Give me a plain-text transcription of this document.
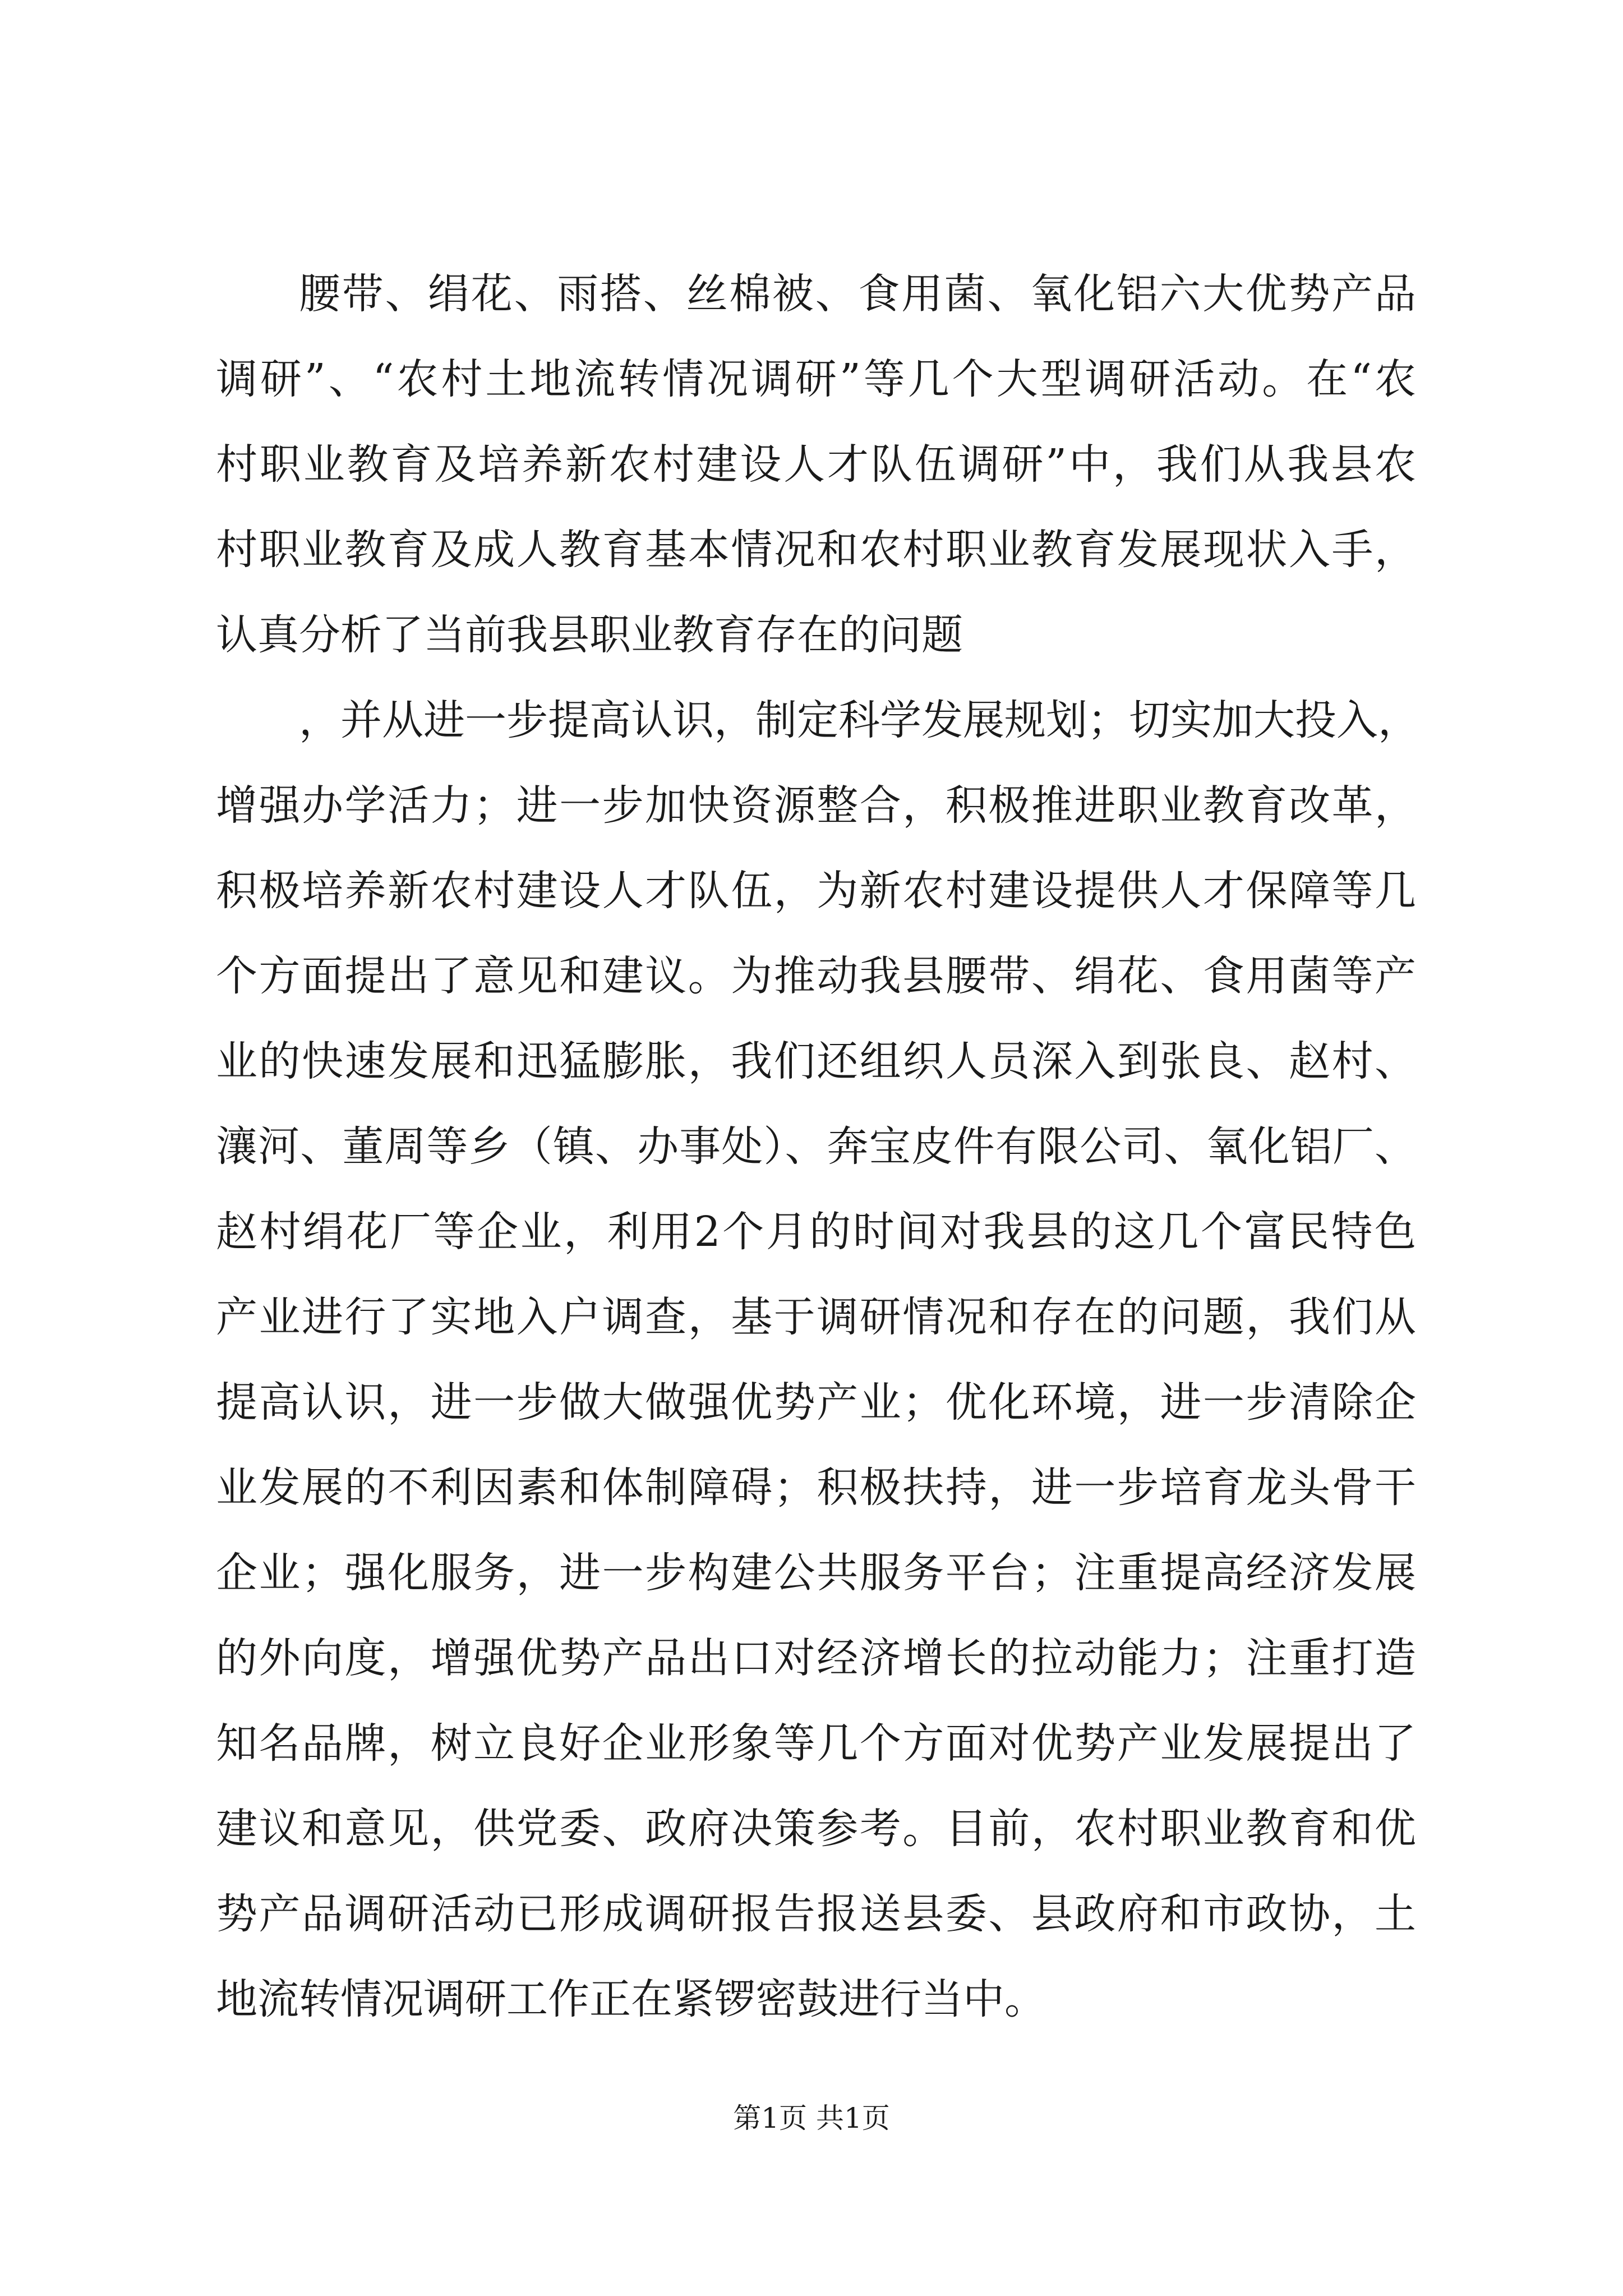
腰带、绢花、雨搭、丝棉被、食用菌、氧化铝六大优势产品
调研”、“农村土地流转情况调研”等几个大型调研活动。在“农
村职业教育及培养新农村建设人才队伍调研”中，我们从我县农
村职业教育及成人教育基本情况和农村职业教育发展现状入手，
认真分析了当前我县职业教育存在的问题
，并从进一步提高认识，制定科学发展规划；切实加大投入，
增强办学活力；进一步加快资源整合，积极推进职业教育改革，
积极培养新农村建设人才队伍，为新农村建设提供人才保障等几
个方面提出了意见和建议。为推动我县腰带、绢花、食用菌等产
业的快速发展和迅猛膨胀，我们还组织人员深入到张良、赵村、
瀼河、董周等乡（镇、办事处）、奔宝皮件有限公司、氧化铝厂、
赵村绢花厂等企业，利用2个月的时间对我县的这几个富民特色
产业进行了实地入户调查，基于调研情况和存在的问题，我们从
提高认识，进一步做大做强优势产业；优化环境，进一步清除企
业发展的不利因素和体制障碍；积极扶持，进一步培育龙头骨干
企业；强化服务，进一步构建公共服务平台；注重提高经济发展
的外向度，增强优势产品出口对经济增长的拉动能力；注重打造
知名品牌，树立良好企业形象等几个方面对优势产业发展提出了
建议和意见，供党委、政府决策参考。目前，农村职业教育和优
势产品调研活动已形成调研报告报送县委、县政府和市政协，土
地流转情况调研工作正在紧锣密鼓进行当中。
第1页 共1页
